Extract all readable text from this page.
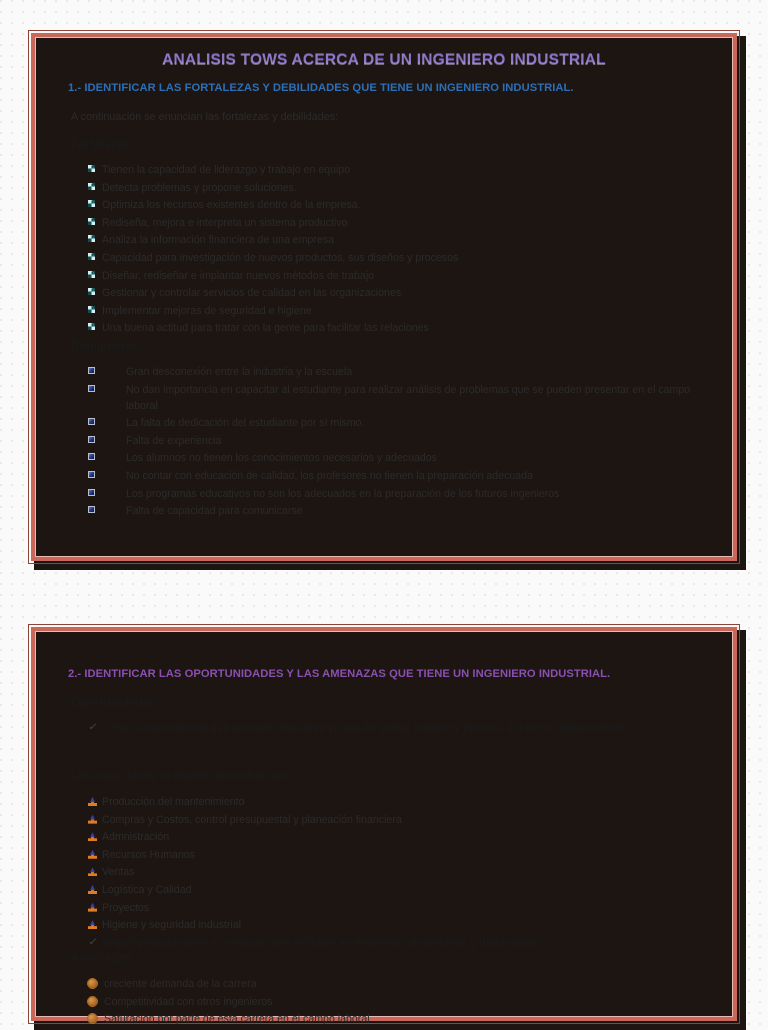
ANALISIS TOWS ACERCA DE UN INGENIERO INDUSTRIAL
1.- IDENTIFICAR LAS FORTALEZAS Y DEBILIDADES QUE TIENE UN INGENIERO INDUSTRIAL.
A continuación se enuncian las fortalezas y debilidades:
Fortalezas:
Tienen la capacidad de liderazgo y trabajo en equipo
Detecta problemas y propone soluciones.
Optimiza los recursos existentes dentro de la empresa.
Rediseña, mejora e interpreta un sistema productivo
Analiza la información financiera de una empresa
Capacidad para investigación de nuevos productos, sus diseños y procesos
Diseñar, rediseñar e implantar nuevos métodos de trabajo
Gestionar y controlar servicios de calidad en las organizaciones
Implementar mejoras de seguridad e higiene
Una buena actitud para tratar con la gente para facilitar las relaciones
Debilidades:
Gran desconexión entre la industria y la escuela
No dan importancia en capacitar al estudiante para realizar análisis de problemas que se pueden presentar en el campo laboral
La falta de dedicación del estudiante por sí mismo.
Falta de experiencia
Los alumnos no tienen los conocimientos necesarios y adecuados
No contar con educación de calidad, los profesores no tienen la preparación adecuada
Los programas educativos no son los adecuados en la preparación de los futuros ingenieros
Falta de capacidad para comunicarse
2.- IDENTIFICAR LAS OPORTUNIDADES Y LAS AMENAZAS QUE TIENE UN INGENIERO INDUSTRIAL.
Oportunidades:
✓ Gran campo laboral que presenta esta área ya sea en sector público y privado, así como independiente.
Las áreas donde se pueden encontrar son:
Producción del mantenimiento
Compras y Costos, control presupuestal y planeación financiera
Admnistración
Recursos Humanos
Ventas
Logística y Calidad
Proyectos
Higiene y seguridad industrial
✓ Seguir preparándose y continuar con estudios en maestrías, doctorados y diplomados.
Amenazas:
creciente demanda de la carrera
Competitividad con otros ingenieros
Saturación por parte de esta carrera en el campo laboral
